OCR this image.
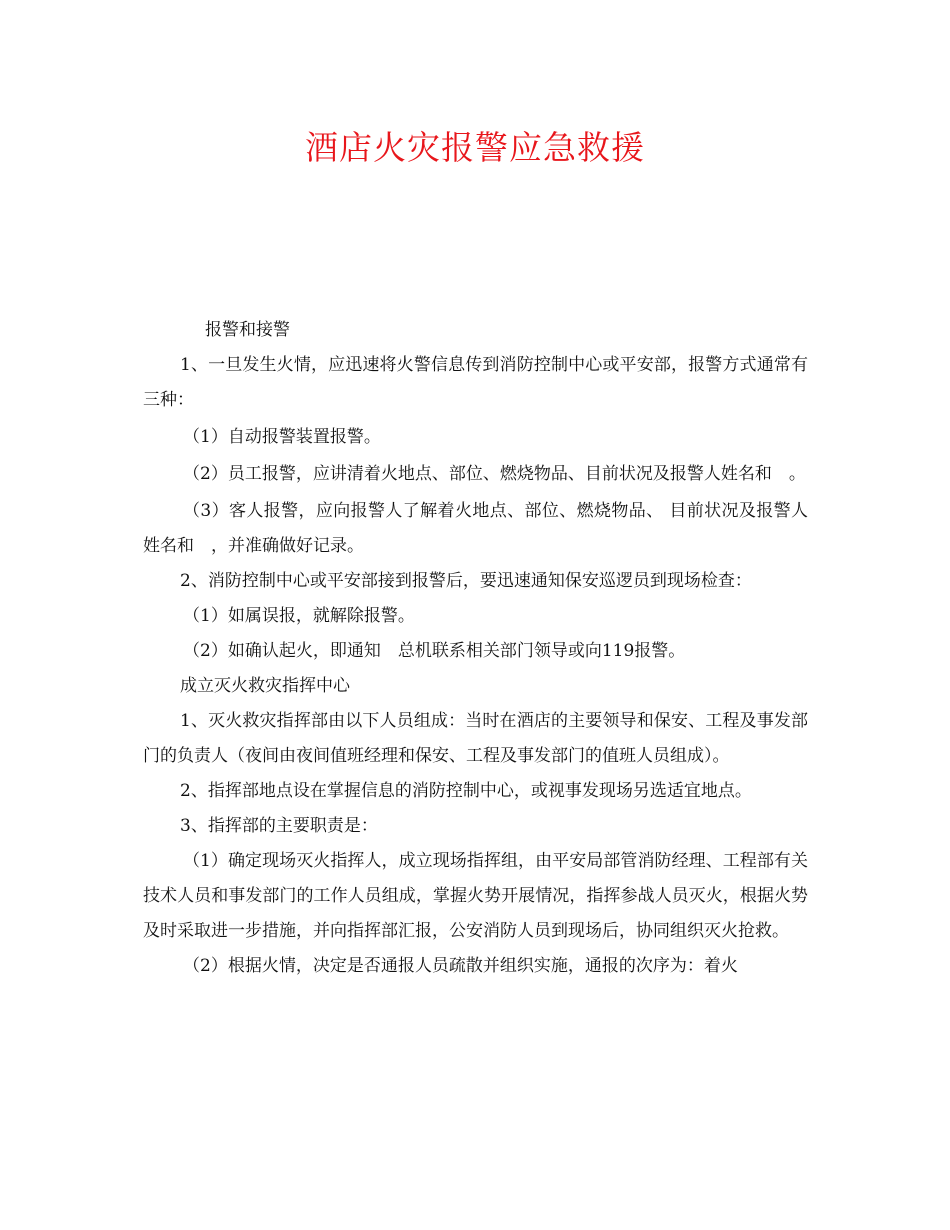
酒店火灾报警应急救援

报警和接警

1、一旦发生火情，应迅速将火警信息传到消防控制中心或平安部，报警方式通常有三种：

（1）自动报警装置报警。

（2）员工报警，应讲清着火地点、部位、燃烧物品、目前状况及报警人姓名和　。

（3）客人报警，应向报警人了解着火地点、部位、燃烧物品、 目前状况及报警人姓名和　，并准确做好记录。

2、消防控制中心或平安部接到报警后，要迅速通知保安巡逻员到现场检查：

（1）如属误报，就解除报警。

（2）如确认起火，即通知　总机联系相关部门领导或向119报警。

成立灭火救灾指挥中心

1、灭火救灾指挥部由以下人员组成：当时在酒店的主要领导和保安、工程及事发部门的负责人（夜间由夜间值班经理和保安、工程及事发部门的值班人员组成）。

2、指挥部地点设在掌握信息的消防控制中心，或视事发现场另选适宜地点。

3、指挥部的主要职责是：

（1）确定现场灭火指挥人，成立现场指挥组，由平安局部管消防经理、工程部有关技术人员和事发部门的工作人员组成，掌握火势开展情况，指挥参战人员灭火，根据火势及时采取进一步措施，并向指挥部汇报，公安消防人员到现场后，协同组织灭火抢救。

（2）根据火情，决定是否通报人员疏散并组织实施，通报的次序为：着火
